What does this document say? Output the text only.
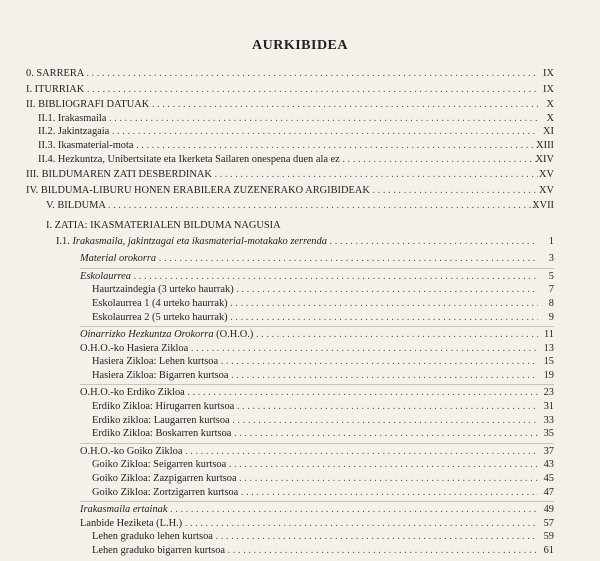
AURKIBIDEA
0. SARRERA . . .	IX
I. ITURRIAK . . .	IX
II. BIBLIOGRAFI DATUAK . . .	X
II.1. Irakasmaila . . .	X
II.2. Jakintzagaia . . .	XI
II.3. Ikasmaterial-mota . . .	XIII
II.4. Hezkuntza, Unibertsitate eta Ikerketa Sailaren onespena duen ala ez . . .	XIV
III. BILDUMAREN ZATI DESBERDINAK . . .	XV
IV. BILDUMA-LIBURU HONEN ERABILERA ZUZENERAKO ARGIBIDEAK . . .	XV
V. BILDUMA . . .	XVII
I. ZATIA: IKASMATERIALEN BILDUMA NAGUSIA
I.1. Irakasmaila, jakintzagai eta ikasmaterial-motakako zerrenda . . .	1
Material orokorra . . .	3
Eskolaurrea . . .	5
Haurtzaindegia (3 urteko haurrak) . . .	7
Eskolaurrea 1 (4 urteko haurrak) . . .	8
Eskolaurrea 2 (5 urteko haurrak) . . .	9
Oinarrizko Hezkuntza Orokorra (O.H.O.) . . .	11
O.H.O.-ko Hasiera Zikloa . . .	13
Hasiera Zikloa: Lehen kurtsoa . . .	15
Hasiera Zikloa: Bigarren kurtsoa . . .	19
O.H.O.-ko Erdiko Zikloa . . .	23
Erdiko Zikloa: Hirugarren kurtsoa . . .	31
Erdiko zikloa: Laugarren kurtsoa . . .	33
Erdiko Zikloa: Boskarren kurtsoa . . .	35
O.H.O.-ko Goiko Zikloa . . .	37
Goiko Zikloa: Seigarren kurtsoa . . .	43
Goiko Zikloa: Zazpigarren kurtsoa . . .	45
Goiko Zikloa: Zortzigarren kurtsoa . . .	47
Irakasmaila ertainak . . .	49
Lanbide Heziketa (L.H.) . . .	57
Lehen graduko lehen kurtsoa . . .	59
Lehen graduko bigarren kurtsoa . . .	61
